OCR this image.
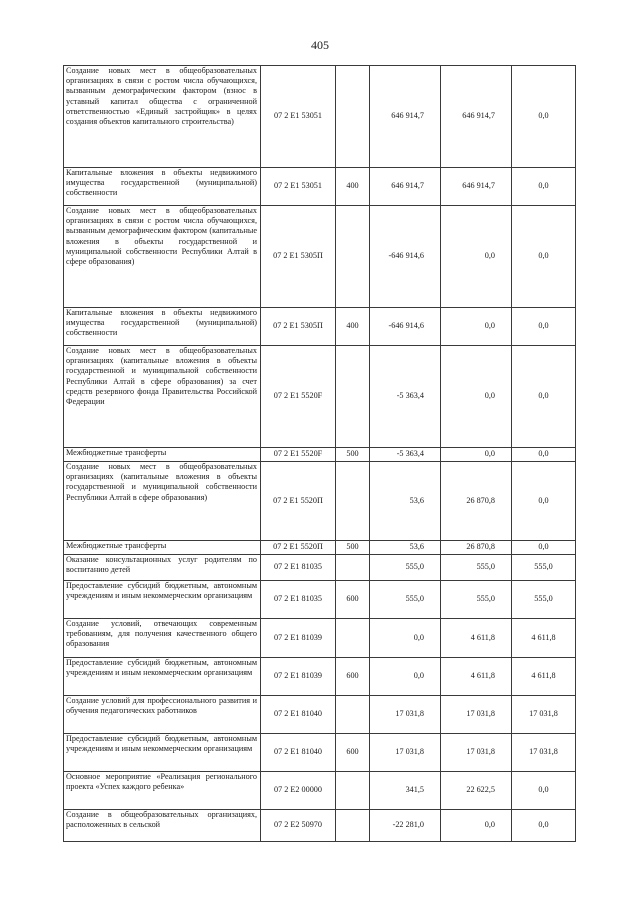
405
Создание новых мест в общеобразовательных организациях в связи с ростом числа обучающихся, вызванным демографическим фактором (взнос в уставный капитал общества с ограниченной ответственностью «Единый застройщик» в целях создания объектов капитального строительства)	07 2 E1 53051		646 914,7	646 914,7	0,0
Капитальные вложения в объекты недвижимого имущества государственной (муниципальной) собственности	07 2 E1 53051	400	646 914,7	646 914,7	0,0
Создание новых мест в общеобразовательных организациях в связи с ростом числа обучающихся, вызванным демографическим фактором (капитальные вложения в объекты государственной и муниципальной собственности Республики Алтай в сфере образования)	07 2 E1 5305П		-646 914,6	0,0	0,0
Капитальные вложения в объекты недвижимого имущества государственной (муниципальной) собственности	07 2 E1 5305П	400	-646 914,6	0,0	0,0
Создание новых мест в общеобразовательных организациях (капитальные вложения в объекты государственной и муниципальной собственности Республики Алтай в сфере образования) за счет средств резервного фонда Правительства Российской Федерации	07 2 E1 5520F		-5 363,4	0,0	0,0
Межбюджетные трансферты	07 2 E1 5520F	500	-5 363,4	0,0	0,0
Создание новых мест в общеобразовательных организациях (капитальные вложения в объекты государственной и муниципальной собственности Республики Алтай в сфере образования)	07 2 E1 5520П		53,6	26 870,8	0,0
Межбюджетные трансферты	07 2 E1 5520П	500	53,6	26 870,8	0,0
Оказание консультационных услуг родителям по воспитанию детей	07 2 E1 81035		555,0	555,0	555,0
Предоставление субсидий бюджетным, автономным учреждениям и иным некоммерческим организациям	07 2 E1 81035	600	555,0	555,0	555,0
Создание условий, отвечающих современным требованиям, для получения качественного общего образования	07 2 E1 81039		0,0	4 611,8	4 611,8
Предоставление субсидий бюджетным, автономным учреждениям и иным некоммерческим организациям	07 2 E1 81039	600	0,0	4 611,8	4 611,8
Создание условий для профессионального развития и обучения педагогических работников	07 2 E1 81040		17 031,8	17 031,8	17 031,8
Предоставление субсидий бюджетным, автономным учреждениям и иным некоммерческим организациям	07 2 E1 81040	600	17 031,8	17 031,8	17 031,8
Основное мероприятие «Реализация регионального проекта «Успех каждого ребенка»	07 2 E2 00000		341,5	22 622,5	0,0
Создание в общеобразовательных организациях, расположенных в сельской	07 2 E2 50970		-22 281,0	0,0	0,0
